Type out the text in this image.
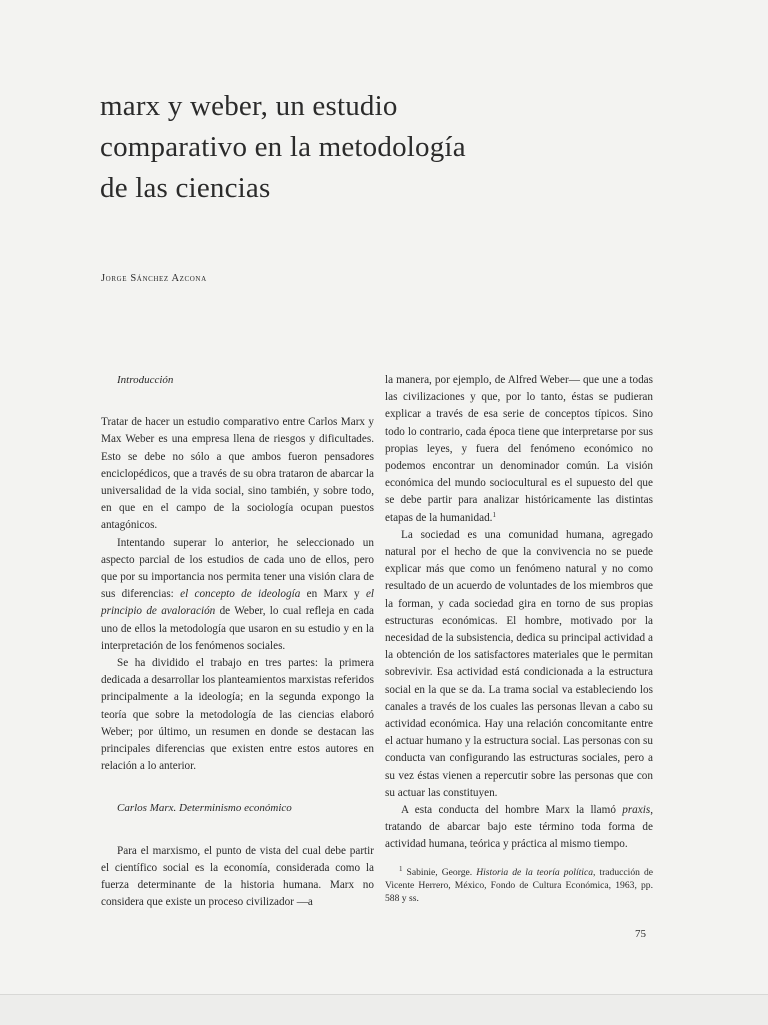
marx y weber, un estudio
comparativo en la metodología
de las ciencias
Jorge Sánchez Azcona

Introducción

Tratar de hacer un estudio comparativo entre Carlos Marx y Max Weber es una empresa llena de riesgos y dificultades. Esto se debe no sólo a que ambos fueron pensadores enciclopédicos, que a través de su obra trataron de abarcar la universalidad de la vida social, sino también, y sobre todo, en que en el campo de la sociología ocupan puestos antagónicos.

Intentando superar lo anterior, he seleccionado un aspecto parcial de los estudios de cada uno de ellos, pero que por su importancia nos permita tener una visión clara de sus diferencias: el concepto de ideología en Marx y el principio de avaloración de Weber, lo cual refleja en cada uno de ellos la metodología que usaron en su estudio y en la interpretación de los fenómenos sociales.

Se ha dividido el trabajo en tres partes: la primera dedicada a desarrollar los planteamientos marxistas referidos principalmente a la ideología; en la segunda expongo la teoría que sobre la metodología de las ciencias elaboró Weber; por último, un resumen en donde se destacan las principales diferencias que existen entre estos autores en relación a lo anterior.

Carlos Marx. Determinismo económico

Para el marxismo, el punto de vista del cual debe partir el científico social es la economía, considerada como la fuerza determinante de la historia humana. Marx no considera que existe un proceso civilizador —a

la manera, por ejemplo, de Alfred Weber— que une a todas las civilizaciones y que, por lo tanto, éstas se pudieran explicar a través de esa serie de conceptos típicos. Sino todo lo contrario, cada época tiene que interpretarse por sus propias leyes, y fuera del fenómeno económico no podemos encontrar un denominador común. La visión económica del mundo sociocultural es el supuesto del que se debe partir para analizar históricamente las distintas etapas de la humanidad.$^1$

La sociedad es una comunidad humana, agregado natural por el hecho de que la convivencia no se puede explicar más que como un fenómeno natural y no como resultado de un acuerdo de voluntades de los miembros que la forman, y cada sociedad gira en torno de sus propias estructuras económicas. El hombre, motivado por la necesidad de la subsistencia, dedica su principal actividad a la obtención de los satisfactores materiales que le permitan sobrevivir. Esa actividad está condicionada a la estructura social en la que se da. La trama social va estableciendo los canales a través de los cuales las personas llevan a cabo su actividad económica. Hay una relación concomitante entre el actuar humano y la estructura social. Las personas con su conducta van configurando las estructuras sociales, pero a su vez éstas vienen a repercutir sobre las personas que con su actuar las constituyen.

A esta conducta del hombre Marx la llamó praxis, tratando de abarcar bajo este término toda forma de actividad humana, teórica y práctica al mismo tiempo.

$^1$ Sabinie, George. Historia de la teoría política, traducción de Vicente Herrero, México, Fondo de Cultura Económica, 1963, pp. 588 y ss.

75
